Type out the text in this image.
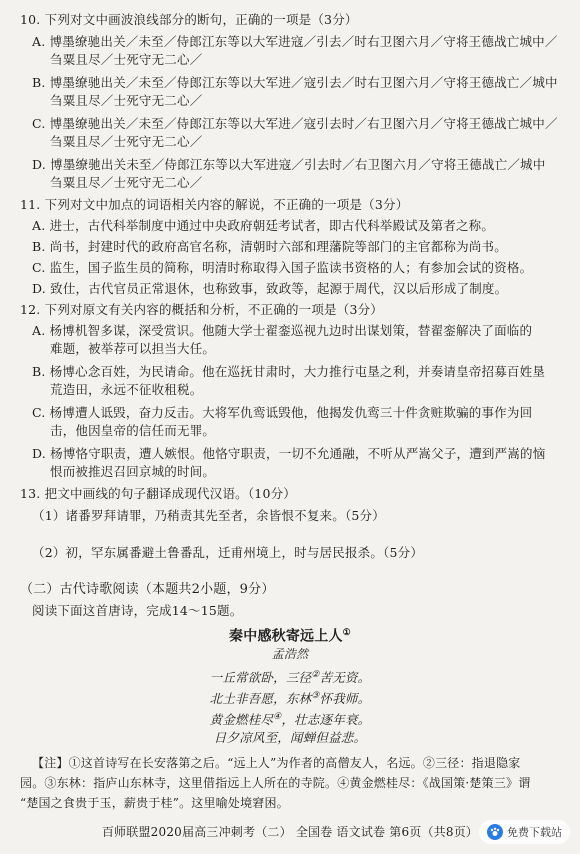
10. 下列对文中画波浪线部分的断句，正确的一项是（3分）
A. 博墨缭驰出关／未至／侍郎江东等以大军进寇／引去／时右卫图六月／守将王德战亡城中／
刍粟且尽／士死守无二心／
B. 博墨缭驰出关／未至／侍郎江东等以大军进／寇引去／时右卫图六月／守将王德战亡／城中
刍粟且尽／士死守无二心／
C. 博墨缭驰出关／未至／侍郎江东等以大军进／寇引去时／右卫图六月／守将王德战亡城中／
刍粟且尽／士死守无二心／
D. 博墨缭驰出关未至／侍郎江东等以大军进寇／引去时／右卫图六月／守将王德战亡／城中
刍粟且尽／士死守无二心／
11. 下列对文中加点的词语相关内容的解说，不正确的一项是（3分）
A. 进士，古代科举制度中通过中央政府朝廷考试者，即古代科举殿试及第者之称。
B. 尚书，封建时代的政府高官名称，清朝时六部和理藩院等部门的主官都称为尚书。
C. 监生，国子监生员的简称，明清时称取得入国子监读书资格的人；有参加会试的资格。
D. 致仕，古代官员正常退休，也称致事，致政等，起源于周代，汉以后形成了制度。
12. 下列对原文有关内容的概括和分析，不正确的一项是（3分）
A. 杨博机智多谋，深受赏识。他随大学士翟銮巡视九边时出谋划策，替翟銮解决了面临的
难题，被举荐可以担当大任。
B. 杨博心念百姓，为民请命。他在巡抚甘肃时，大力推行屯垦之利，并奏请皇帝招募百姓垦
荒造田，永远不征收租税。
C. 杨博遭人诋毁，奋力反击。大将军仇鸾诋毁他，他揭发仇鸾三十件贪赃欺骗的事作为回
击，他因皇帝的信任而无罪。
D. 杨博恪守职责，遭人嫉恨。他恪守职责，一切不允通融，不听从严嵩父子，遭到严嵩的恼
恨而被推迟召回京城的时间。
13. 把文中画线的句子翻译成现代汉语。（10分）
（1）诸番罗拜请罪，乃稍责其先至者，余皆恨不复来。（5分）
（2）初，罕东属番避土鲁番乱，迁甫州境上，时与居民报杀。（5分）
（二）古代诗歌阅读（本题共2小题，9分）
阅读下面这首唐诗，完成14～15题。
秦中感秋寄远上人①
孟浩然
一丘常欲卧，三径②苦无资。
北土非吾愿，东林③怀我师。
黄金燃桂尽④，壮志逐年衰。
日夕凉风至，闻蝉但益悲。
【注】①这首诗写在长安落第之后。“远上人”为作者的高僧友人，名远。②三径：指退隐家
园。③东林：指庐山东林寺，这里借指远上人所在的寺院。④黄金燃桂尽：《战国策·楚策三》谓
“楚国之食贵于玉，薪贵于桂”。这里喻处境窘困。
百师联盟2020届高三冲刺考（二） 全国卷 语文试卷 第6页（共8页）	免费下载站
